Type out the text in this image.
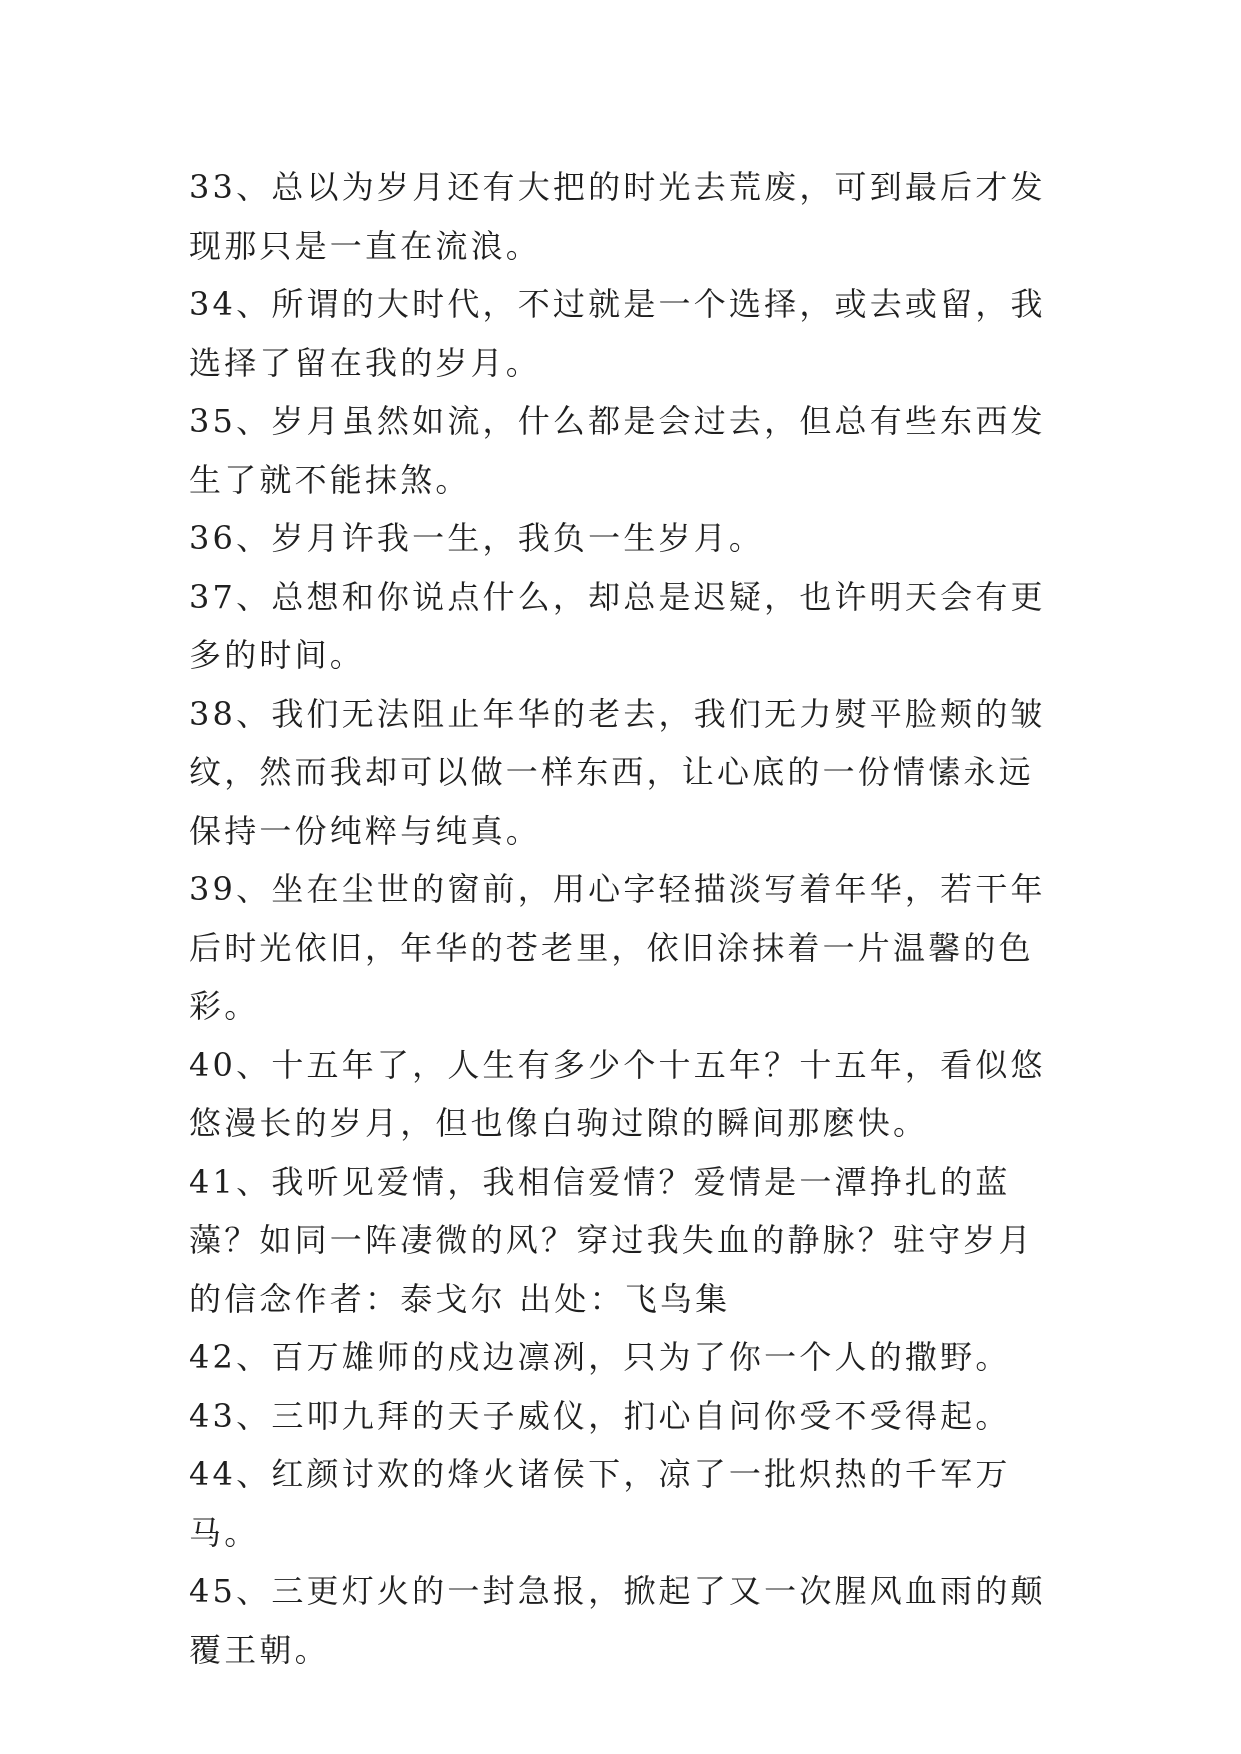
33、总以为岁月还有大把的时光去荒废，可到最后才发现那只是一直在流浪。

34、所谓的大时代，不过就是一个选择，或去或留，我选择了留在我的岁月。

35、岁月虽然如流，什么都是会过去，但总有些东西发生了就不能抹煞。

36、岁月许我一生，我负一生岁月。

37、总想和你说点什么，却总是迟疑，也许明天会有更多的时间。

38、我们无法阻止年华的老去，我们无力熨平脸颊的皱纹，然而我却可以做一样东西，让心底的一份情愫永远保持一份纯粹与纯真。

39、坐在尘世的窗前，用心字轻描淡写着年华，若干年后时光依旧，年华的苍老里，依旧涂抹着一片温馨的色彩。

40、十五年了，人生有多少个十五年？十五年，看似悠悠漫长的岁月，但也像白驹过隙的瞬间那麽快。

41、我听见爱情，我相信爱情？爱情是一潭挣扎的蓝藻？如同一阵凄微的风？穿过我失血的静脉？驻守岁月的信念作者：泰戈尔 出处：飞鸟集

42、百万雄师的戍边凛冽，只为了你一个人的撒野。

43、三叩九拜的天子威仪，扪心自问你受不受得起。

44、红颜讨欢的烽火诸侯下，凉了一批炽热的千军万马。

45、三更灯火的一封急报，掀起了又一次腥风血雨的颠覆王朝。
